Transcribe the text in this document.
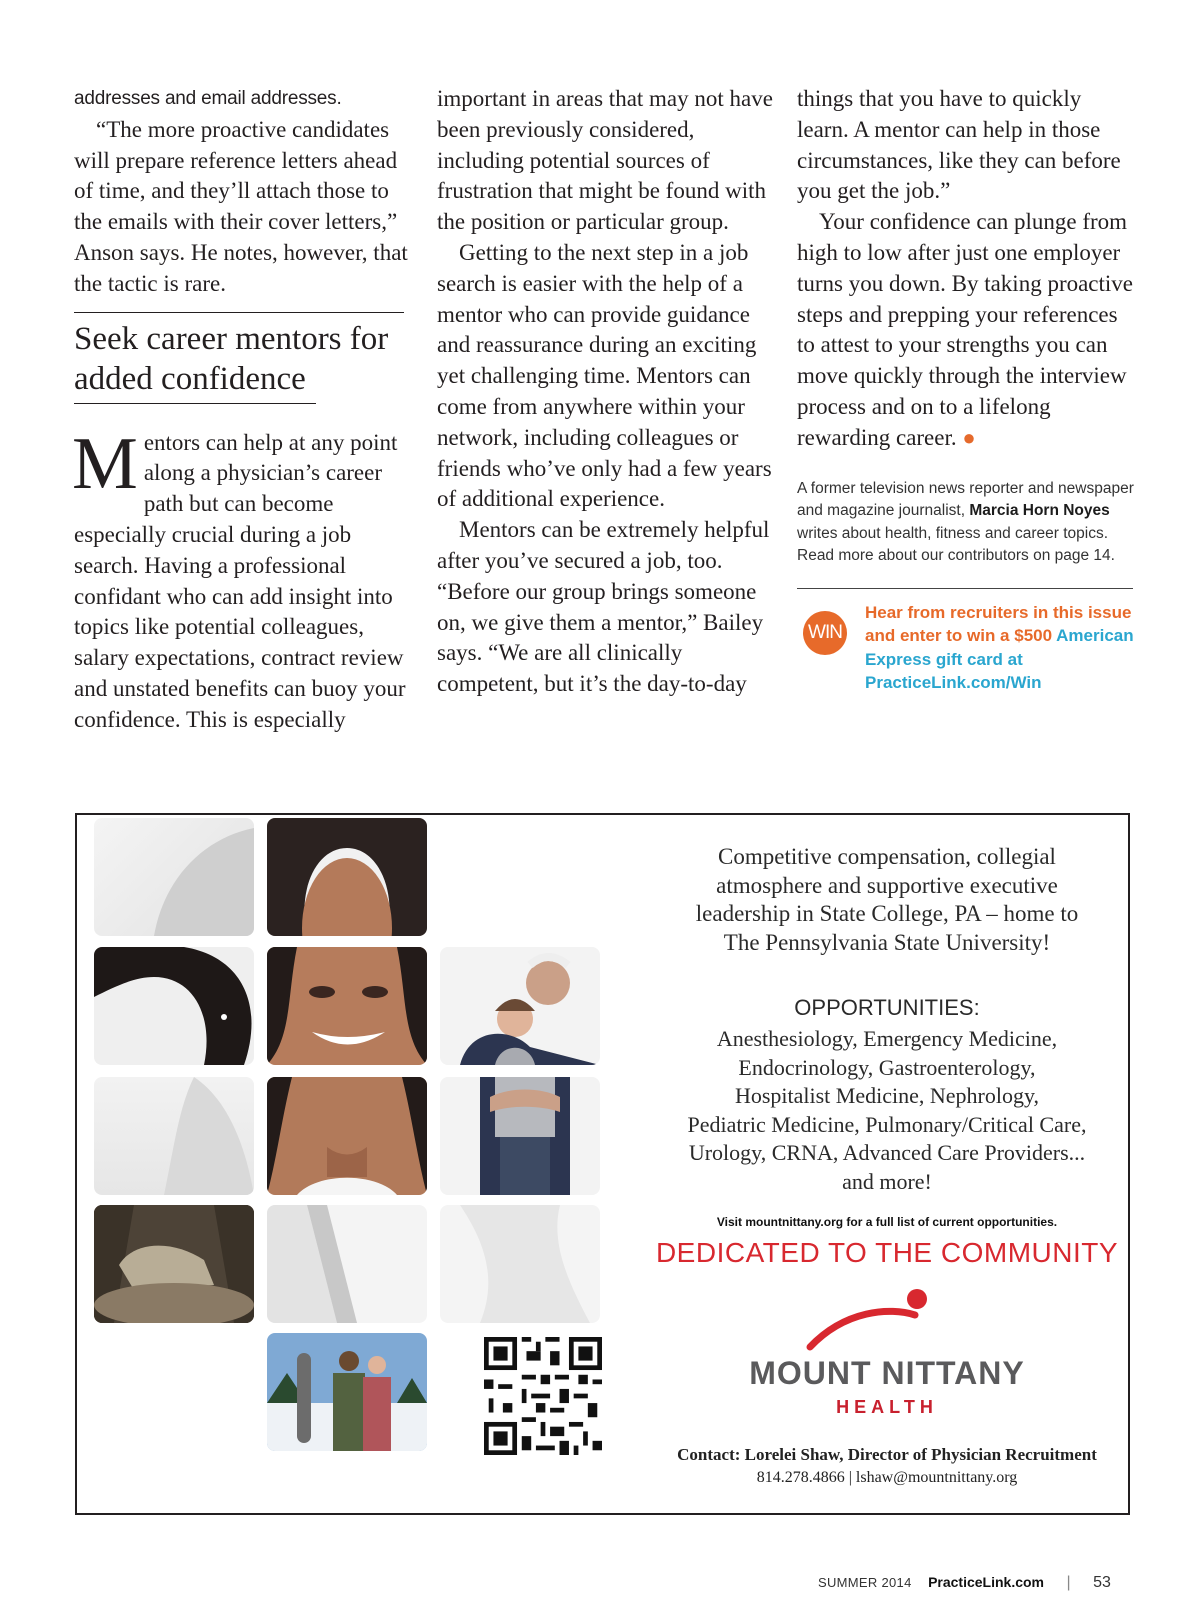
addresses and email addresses.

“The more proactive candidates will prepare reference letters ahead of time, and they’ll attach those to the emails with their cover letters,” Anson says. He notes, however, that the tactic is rare.

Seek career mentors for added confidence

Mentors can help at any point along a physician’s career path but can become especially crucial during a job search. Having a professional confidant who can add insight into topics like potential colleagues, salary expectations, contract review and unstated benefits can buoy your confidence. This is especially

important in areas that may not have been previously considered, including potential sources of frustration that might be found with the position or particular group.

Getting to the next step in a job search is easier with the help of a mentor who can provide guidance and reassurance during an exciting yet challenging time. Mentors can come from anywhere within your network, including colleagues or friends who’ve only had a few years of additional experience.

Mentors can be extremely helpful after you’ve secured a job, too. “Before our group brings someone on, we give them a mentor,” Bailey says. “We are all clinically competent, but it’s the day-to-day

things that you have to quickly learn. A mentor can help in those circumstances, like they can before you get the job.”

Your confidence can plunge from high to low after just one employer turns you down. By taking proactive steps and prepping your references to attest to your strengths you can move quickly through the interview process and on to a lifelong rewarding career. ●

A former television news reporter and newspaper and magazine journalist, Marcia Horn Noyes writes about health, fitness and career topics. Read more about our contributors on page 14.

WIN
Hear from recruiters in this issue and enter to win a $500 American Express gift card at PracticeLink.com/Win
Competitive compensation, collegial atmosphere and supportive executive leadership in State College, PA – home to The Pennsylvania State University!
OPPORTUNITIES:
Anesthesiology, Emergency Medicine,
Endocrinology, Gastroenterology,
Hospitalist Medicine, Nephrology,
Pediatric Medicine, Pulmonary/Critical Care,
Urology, CRNA, Advanced Care Providers...
and more!
Visit mountnittany.org for a full list of current opportunities.
DEDICATED TO THE COMMUNITY
MOUNT NITTANY
HEALTH
Contact: Lorelei Shaw, Director of Physician Recruitment
814.278.4866 | lshaw@mountnittany.org
SUMMER 2014 PracticeLink.com | 53
